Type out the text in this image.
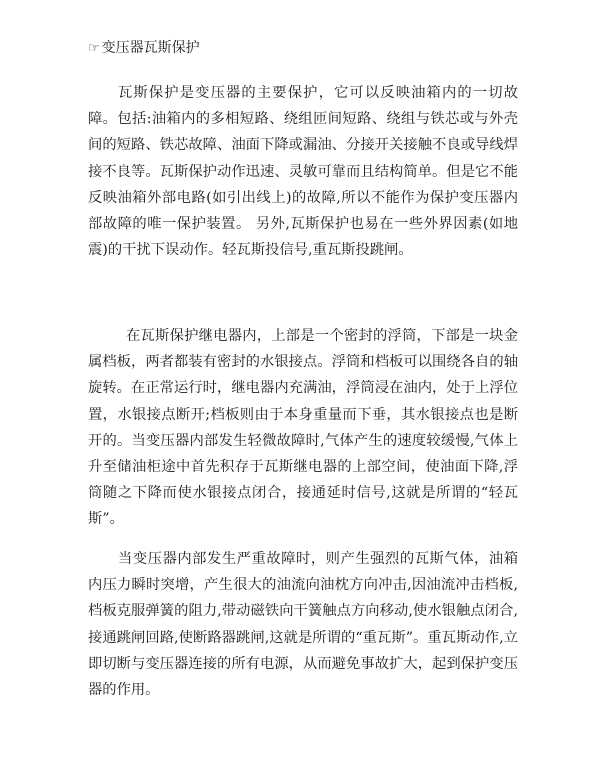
☞ 变压器瓦斯保护

瓦斯保护是变压器的主要保护，它可以反映油箱内的一切故障。包括:油箱内的多相短路、绕组匝间短路、绕组与铁芯或与外壳间的短路、铁芯故障、油面下降或漏油、分接开关接触不良或导线焊接不良等。瓦斯保护动作迅速、灵敏可靠而且结构简单。但是它不能反映油箱外部电路(如引出线上)的故障,所以不能作为保护变压器内部故障的唯一保护装置。 另外,瓦斯保护也易在一些外界因素(如地震)的干扰下误动作。轻瓦斯投信号,重瓦斯投跳闸。

在瓦斯保护继电器内，上部是一个密封的浮筒，下部是一块金属档板，两者都装有密封的水银接点。浮筒和档板可以围绕各自的轴旋转。在正常运行时，继电器内充满油，浮筒浸在油内，处于上浮位置，水银接点断开;档板则由于本身重量而下垂，其水银接点也是断开的。当变压器内部发生轻微故障时,气体产生的速度较缓慢,气体上升至储油柜途中首先积存于瓦斯继电器的上部空间，使油面下降,浮筒随之下降而使水银接点闭合，接通延时信号,这就是所谓的“轻瓦斯”。

当变压器内部发生严重故障时，则产生强烈的瓦斯气体，油箱内压力瞬时突增，产生很大的油流向油枕方向冲击,因油流冲击档板,档板克服弹簧的阻力,带动磁铁向干簧触点方向移动,使水银触点闭合,接通跳闸回路,使断路器跳闸,这就是所谓的“重瓦斯”。重瓦斯动作,立即切断与变压器连接的所有电源，从而避免事故扩大，起到保护变压器的作用。
